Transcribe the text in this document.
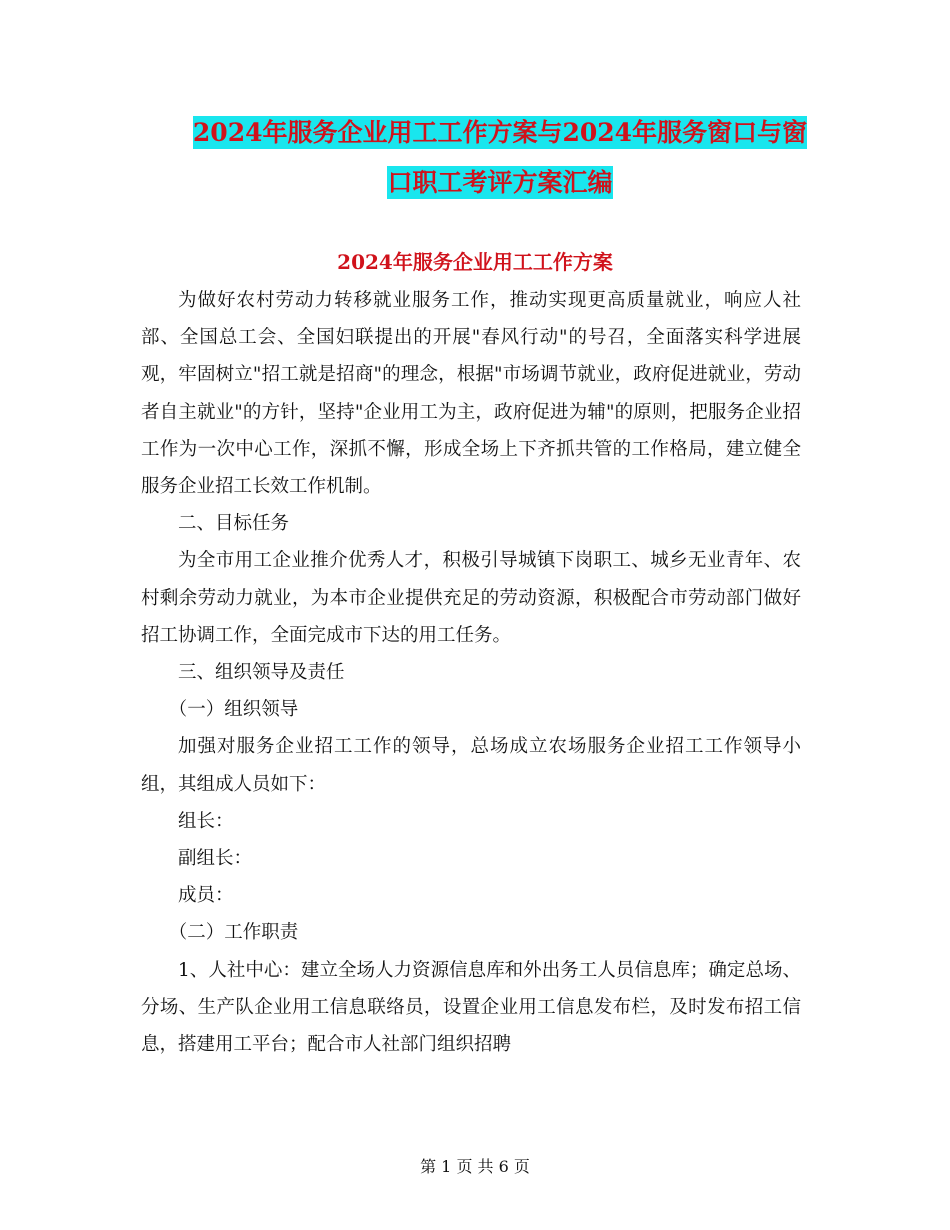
2024年服务企业用工工作方案与2024年服务窗口与窗
口职工考评方案汇编
2024年服务企业用工工作方案

为做好农村劳动力转移就业服务工作，推动实现更高质量就业，响应人社部、全国总工会、全国妇联提出的开展"春风行动"的号召，全面落实科学进展观，牢固树立"招工就是招商"的理念，根据"市场调节就业，政府促进就业，劳动者自主就业"的方针，坚持"企业用工为主，政府促进为辅"的原则，把服务企业招工作为一次中心工作，深抓不懈，形成全场上下齐抓共管的工作格局，建立健全服务企业招工长效工作机制。

二、目标任务

为全市用工企业推介优秀人才，积极引导城镇下岗职工、城乡无业青年、农村剩余劳动力就业，为本市企业提供充足的劳动资源，积极配合市劳动部门做好招工协调工作，全面完成市下达的用工任务。

三、组织领导及责任

（一）组织领导

加强对服务企业招工工作的领导，总场成立农场服务企业招工工作领导小组，其组成人员如下：

组长：

副组长：

成员：

（二）工作职责

1、人社中心：建立全场人力资源信息库和外出务工人员信息库；确定总场、分场、生产队企业用工信息联络员，设置企业用工信息发布栏，及时发布招工信息，搭建用工平台；配合市人社部门组织招聘

第 1 页 共 6 页
